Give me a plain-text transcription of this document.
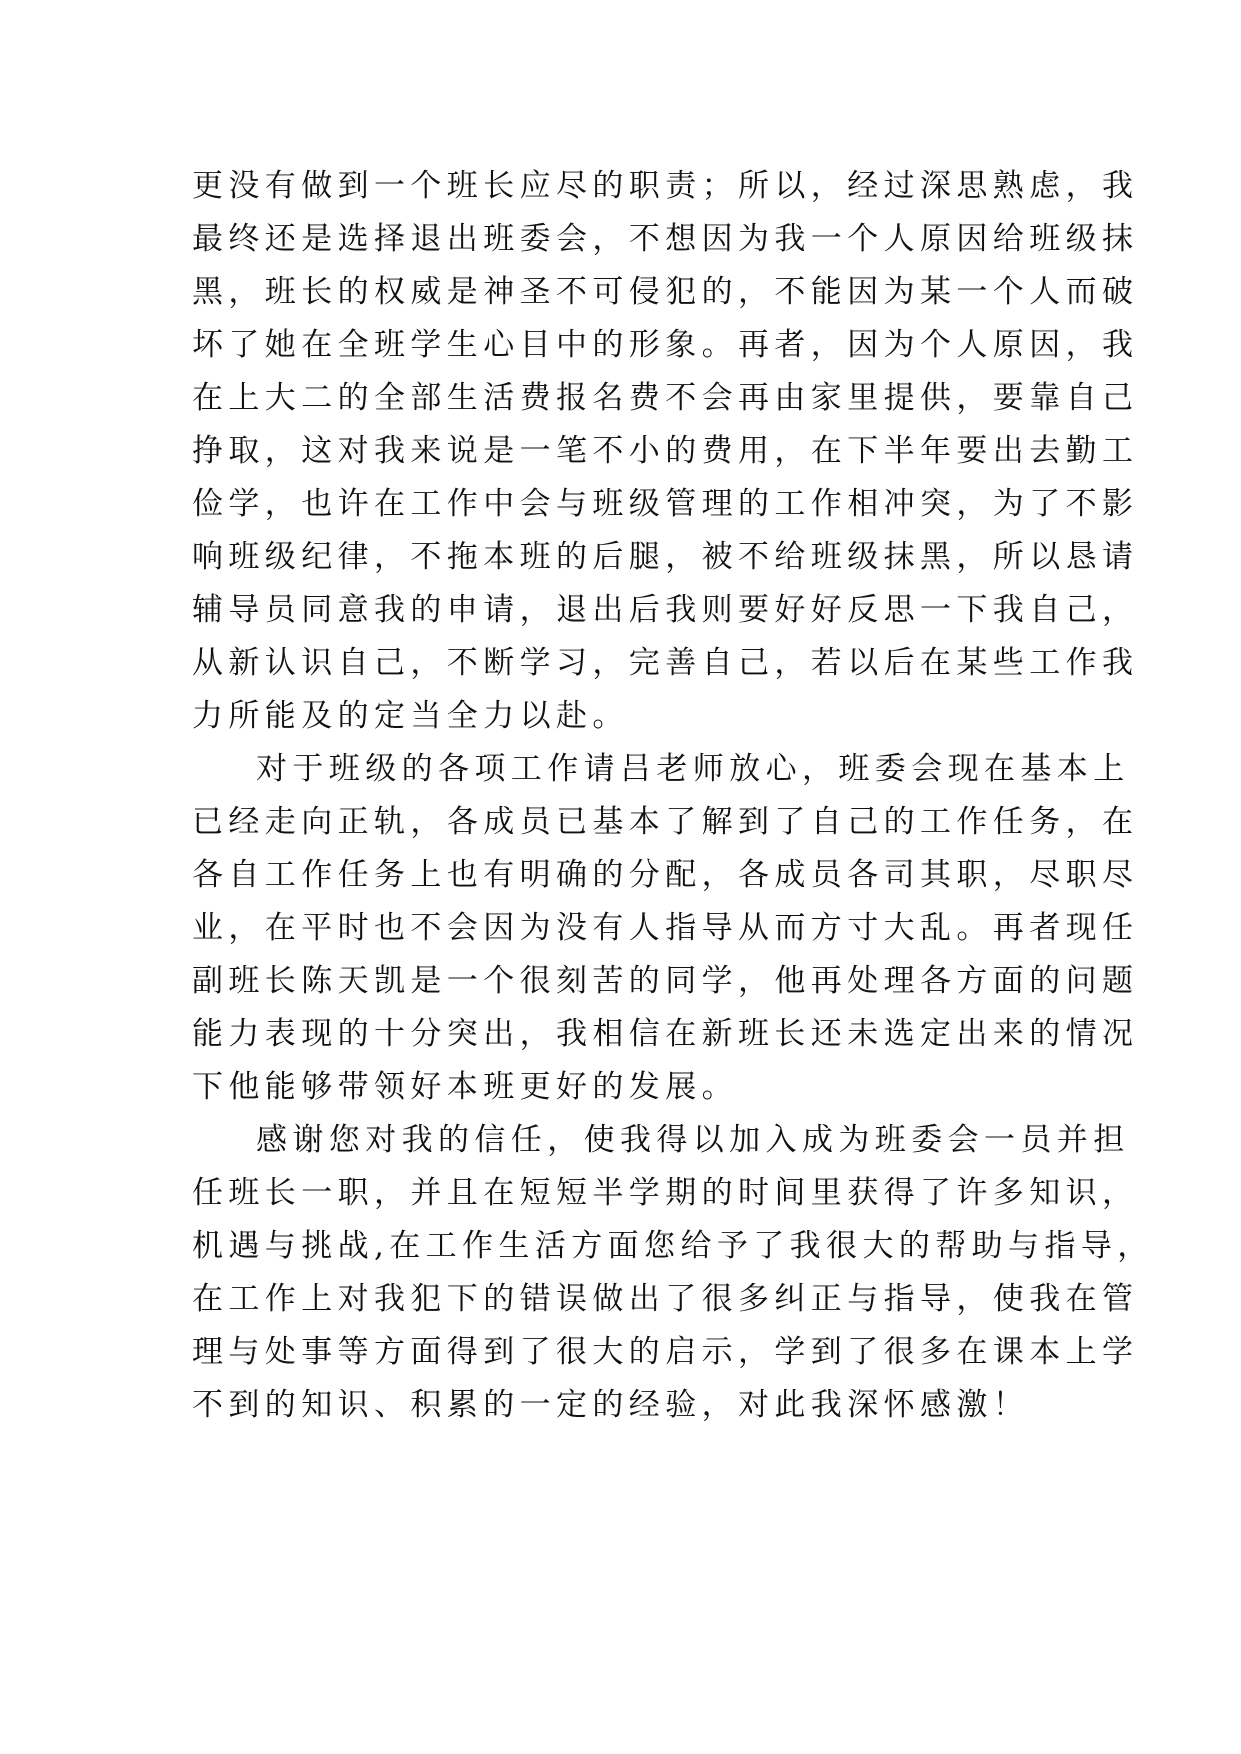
更没有做到一个班长应尽的职责；所以，经过深思熟虑，我
最终还是选择退出班委会，不想因为我一个人原因给班级抹
黑，班长的权威是神圣不可侵犯的，不能因为某一个人而破
坏了她在全班学生心目中的形象。再者，因为个人原因，我
在上大二的全部生活费报名费不会再由家里提供，要靠自己
挣取，这对我来说是一笔不小的费用，在下半年要出去勤工
俭学，也许在工作中会与班级管理的工作相冲突，为了不影
响班级纪律，不拖本班的后腿，被不给班级抹黑，所以恳请
辅导员同意我的申请，退出后我则要好好反思一下我自己，
从新认识自己，不断学习，完善自己，若以后在某些工作我
力所能及的定当全力以赴。
对于班级的各项工作请吕老师放心，班委会现在基本上
已经走向正轨，各成员已基本了解到了自己的工作任务，在
各自工作任务上也有明确的分配，各成员各司其职，尽职尽
业，在平时也不会因为没有人指导从而方寸大乱。再者现任
副班长陈天凯是一个很刻苦的同学，他再处理各方面的问题
能力表现的十分突出，我相信在新班长还未选定出来的情况
下他能够带领好本班更好的发展。
感谢您对我的信任，使我得以加入成为班委会一员并担
任班长一职，并且在短短半学期的时间里获得了许多知识，
机遇与挑战,在工作生活方面您给予了我很大的帮助与指导，
在工作上对我犯下的错误做出了很多纠正与指导，使我在管
理与处事等方面得到了很大的启示，学到了很多在课本上学
不到的知识、积累的一定的经验，对此我深怀感激！
